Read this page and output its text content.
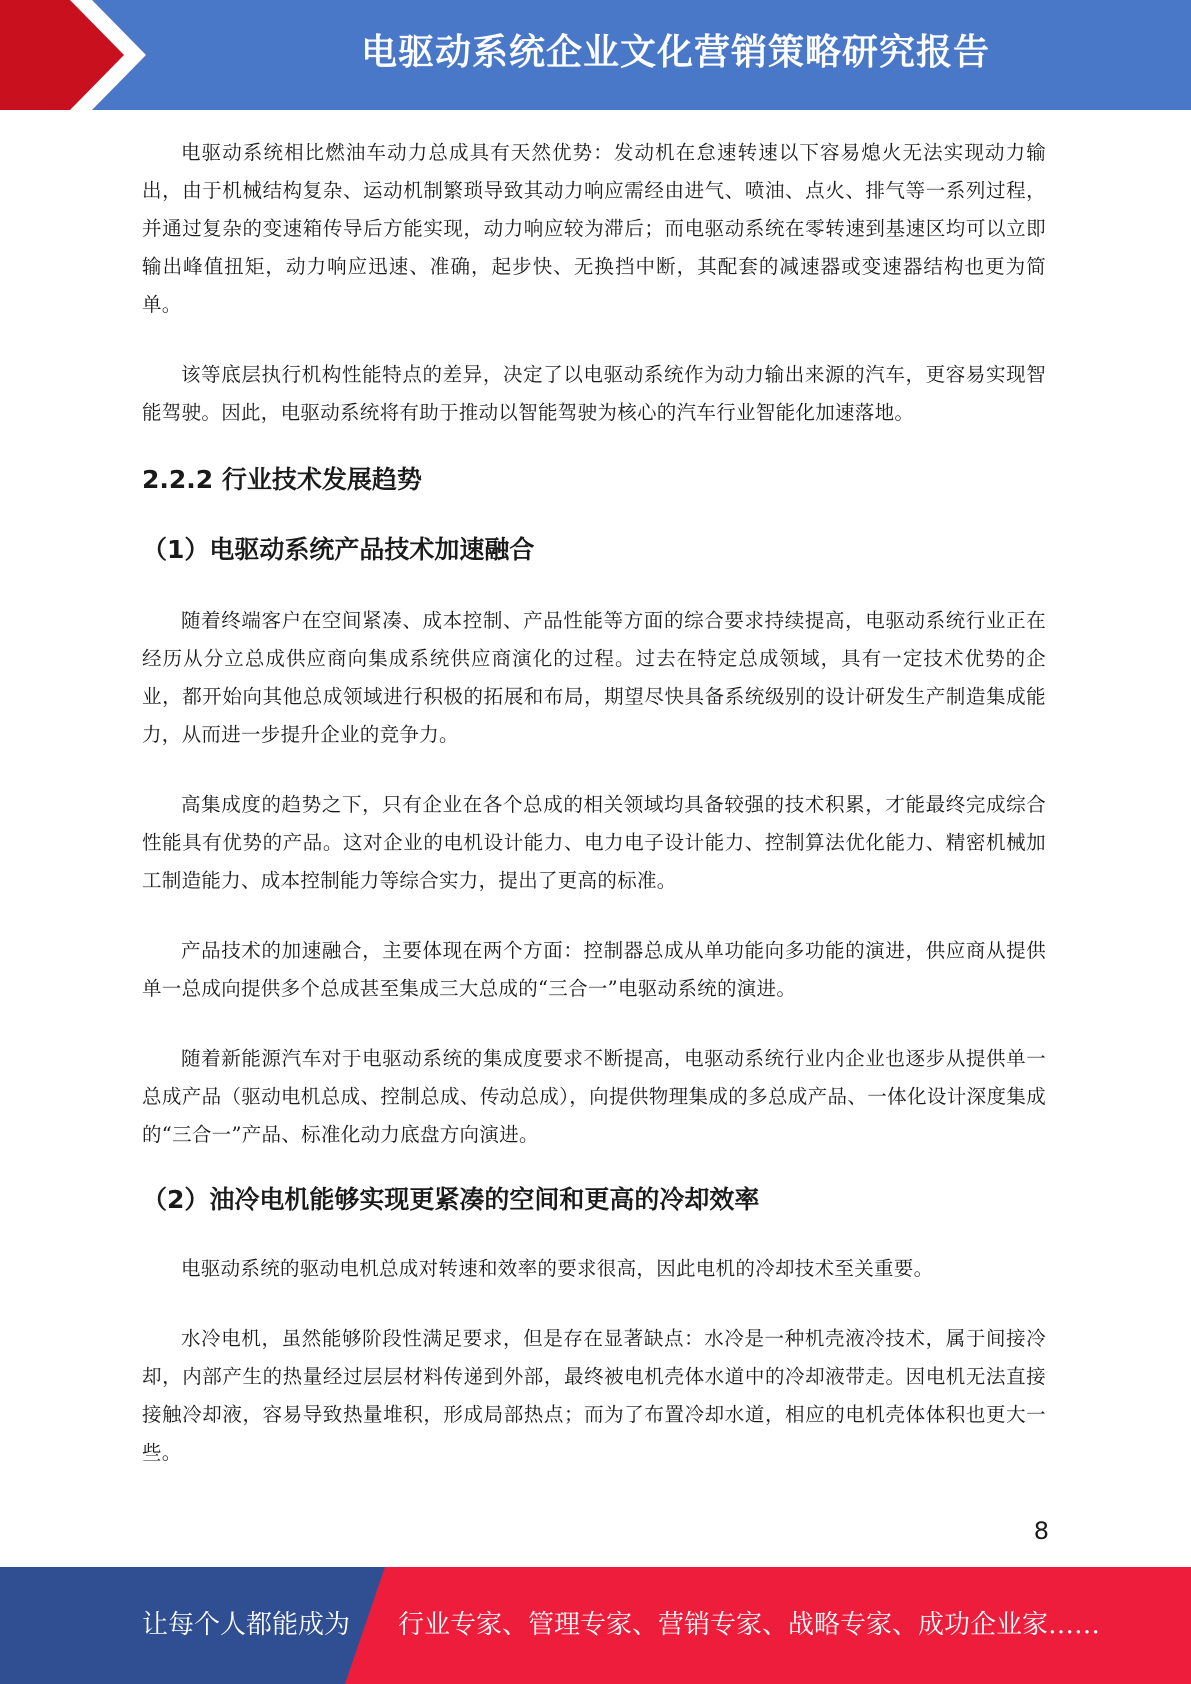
电驱动系统企业文化营销策略研究报告

电驱动系统相比燃油车动力总成具有天然优势：发动机在怠速转速以下容易熄火无法实现动力输出，由于机械结构复杂、运动机制繁琐导致其动力响应需经由进气、喷油、点火、排气等一系列过程，并通过复杂的变速箱传导后方能实现，动力响应较为滞后；而电驱动系统在零转速到基速区均可以立即输出峰值扭矩，动力响应迅速、准确，起步快、无换挡中断，其配套的减速器或变速器结构也更为简单。

该等底层执行机构性能特点的差异，决定了以电驱动系统作为动力输出来源的汽车，更容易实现智能驾驶。因此，电驱动系统将有助于推动以智能驾驶为核心的汽车行业智能化加速落地。

2.2.2 行业技术发展趋势
（1）电驱动系统产品技术加速融合

随着终端客户在空间紧凑、成本控制、产品性能等方面的综合要求持续提高，电驱动系统行业正在经历从分立总成供应商向集成系统供应商演化的过程。过去在特定总成领域，具有一定技术优势的企业，都开始向其他总成领域进行积极的拓展和布局，期望尽快具备系统级别的设计研发生产制造集成能力，从而进一步提升企业的竞争力。

高集成度的趋势之下，只有企业在各个总成的相关领域均具备较强的技术积累，才能最终完成综合性能具有优势的产品。这对企业的电机设计能力、电力电子设计能力、控制算法优化能力、精密机械加工制造能力、成本控制能力等综合实力，提出了更高的标准。

产品技术的加速融合，主要体现在两个方面：控制器总成从单功能向多功能的演进，供应商从提供单一总成向提供多个总成甚至集成三大总成的“三合一”电驱动系统的演进。

随着新能源汽车对于电驱动系统的集成度要求不断提高，电驱动系统行业内企业也逐步从提供单一总成产品（驱动电机总成、控制总成、传动总成），向提供物理集成的多总成产品、一体化设计深度集成的“三合一”产品、标准化动力底盘方向演进。

（2）油冷电机能够实现更紧凑的空间和更高的冷却效率

电驱动系统的驱动电机总成对转速和效率的要求很高，因此电机的冷却技术至关重要。

水冷电机，虽然能够阶段性满足要求，但是存在显著缺点：水冷是一种机壳液冷技术，属于间接冷却，内部产生的热量经过层层材料传递到外部，最终被电机壳体水道中的冷却液带走。因电机无法直接接触冷却液，容易导致热量堆积，形成局部热点；而为了布置冷却水道，相应的电机壳体体积也更大一些。

8
让每个人都能成为 行业专家、管理专家、营销专家、战略专家、成功企业家……
